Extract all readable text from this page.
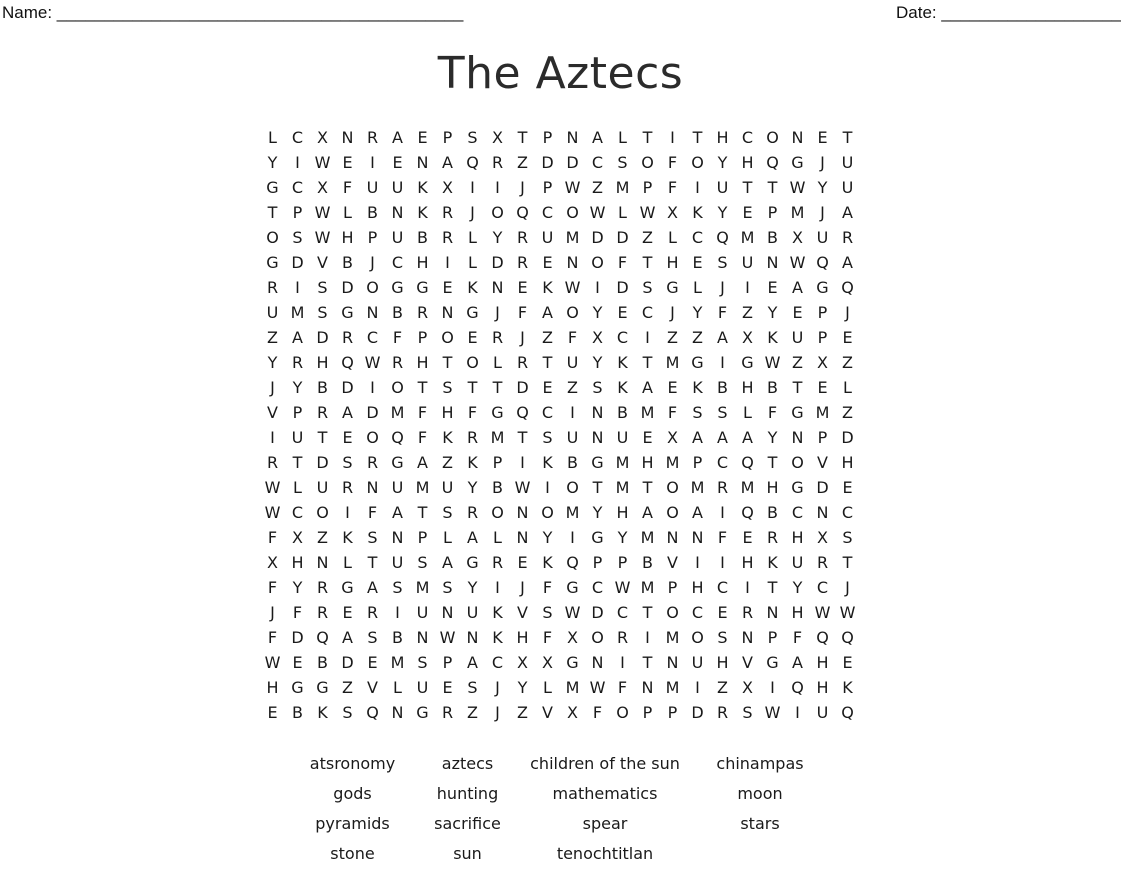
Name: ___________________________________________	Date: ___________________
The Aztecs
L C X N R A E P S X T P N A L T	I	T H C O N E T
Y	I W E	I	E N A Q R Z D D C S O F O Y H Q G	J	U
G C X F U U K X	I	I	J	P W Z M P F	I	U T T W Y U
T P W L B N K R	J	O Q C O W L W X K Y E P M J	A
O S W H P U B R L Y R U M D D Z L C Q M B X U R
G D V B	J	C H	I	L D R E N O F T H E S U N W Q A
R	I	S D O G G E K N E K W I	D S G L	J	I	E A G Q
U M S G N B R N G	J	F A O Y E C	J	Y F Z Y E P	J
Z A D R C F P O E R	J	Z F X C	I	Z Z A X K U P E
Y R H Q W R H T O L R T U Y K T M G	I	G W Z X Z
J	Y B D	I	O T S T T D E Z S K A E K B H B T E L
V P R A D M F H F G Q C	I	N B M F S S L F G M Z
I	U T E O Q F K R M T S U N U E X A A A Y N P D
R T D S R G A Z K P	I	K B G M H M P C Q T O V H
W L U R N U M U Y B W I	O T M T O M R M H G D E
W C O	I	F A T S R O N O M Y H A O A	I	Q B C N C
F X Z K S N P L A L N Y	I	G Y M N N F E R H X S
X H N L T U S A G R E K Q P P B V	I	I	H K U R T
F Y R G A S M S Y	I	J	F G C W M P H C	I	T Y C	J
J	F R E R	I	U N U K V S W D C T O C E R N H W W
F D Q A S B N W N K H F X O R	I M O S N P F Q Q
W E B D E M S P A C X X G N	I	T N U H V G A H E
H G G Z V L U E S	J	Y L M W F N M I	Z X	I	Q H K
E B K S Q N G R Z	J	Z V X F O P P D R S W I	U Q
atsronomy	aztecs	children of the sun	chinampas
gods	hunting	mathematics	moon
pyramids	sacrifice	spear	stars
stone	sun	tenochtitlan
